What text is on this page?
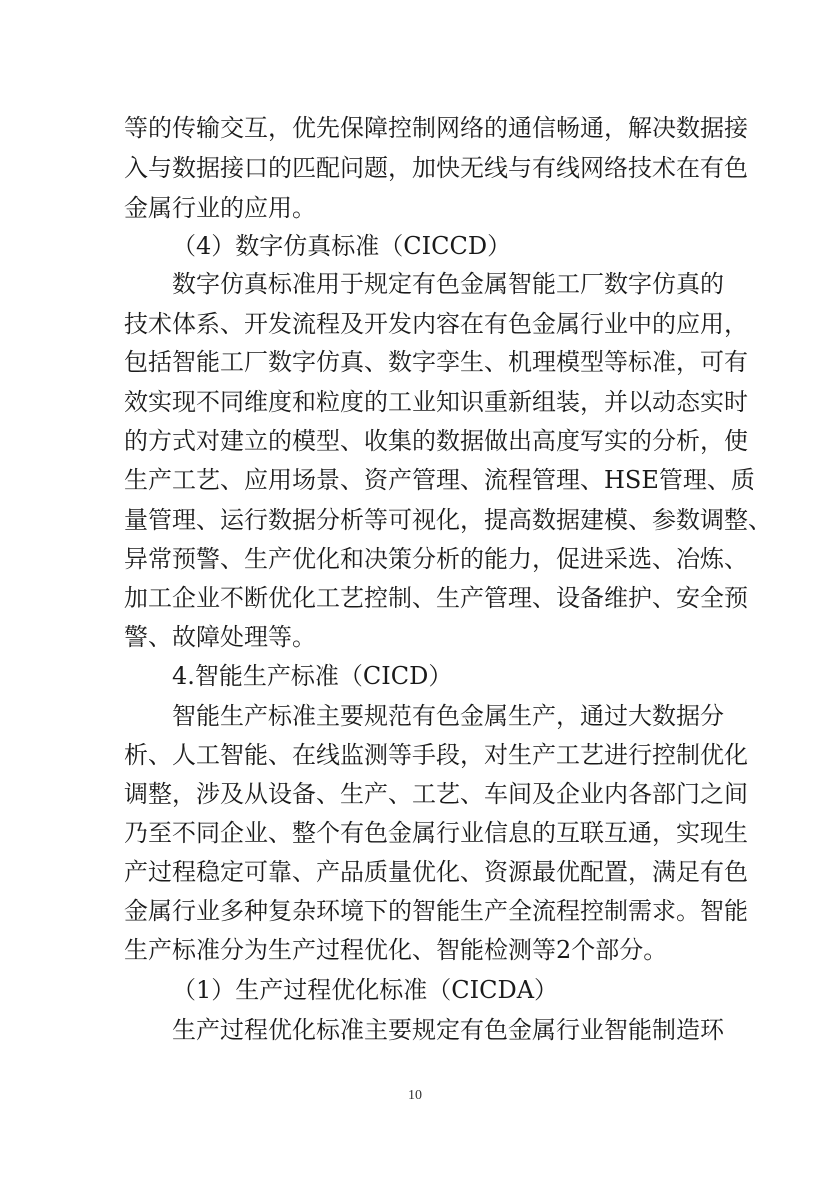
等的传输交互，优先保障控制网络的通信畅通，解决数据接
入与数据接口的匹配问题，加快无线与有线网络技术在有色
金属行业的应用。
（4）数字仿真标准（CICCD）
数字仿真标准用于规定有色金属智能工厂数字仿真的
技术体系、开发流程及开发内容在有色金属行业中的应用，
包括智能工厂数字仿真、数字孪生、机理模型等标准，可有
效实现不同维度和粒度的工业知识重新组装，并以动态实时
的方式对建立的模型、收集的数据做出高度写实的分析，使
生产工艺、应用场景、资产管理、流程管理、HSE管理、质
量管理、运行数据分析等可视化，提高数据建模、参数调整、
异常预警、生产优化和决策分析的能力，促进采选、冶炼、
加工企业不断优化工艺控制、生产管理、设备维护、安全预
警、故障处理等。
4.智能生产标准（CICD）
智能生产标准主要规范有色金属生产，通过大数据分
析、人工智能、在线监测等手段，对生产工艺进行控制优化
调整，涉及从设备、生产、工艺、车间及企业内各部门之间
乃至不同企业、整个有色金属行业信息的互联互通，实现生
产过程稳定可靠、产品质量优化、资源最优配置，满足有色
金属行业多种复杂环境下的智能生产全流程控制需求。智能
生产标准分为生产过程优化、智能检测等2个部分。
（1）生产过程优化标准（CICDA）
生产过程优化标准主要规定有色金属行业智能制造环
10
